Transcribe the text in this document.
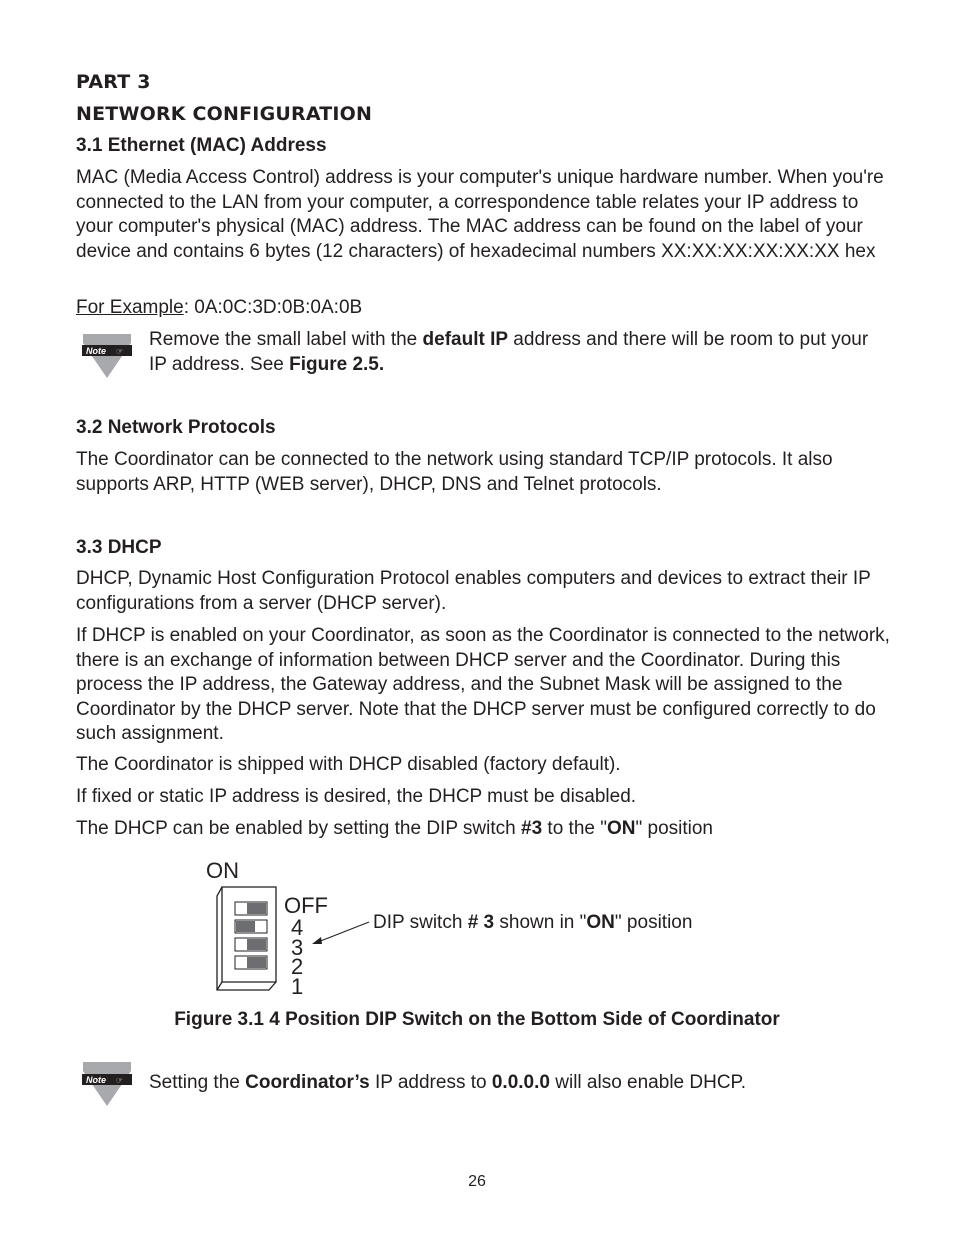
PART 3
NETWORK CONFIGURATION
3.1 Ethernet (MAC) Address
MAC (Media Access Control) address is your computer's unique hardware number. When you're connected to the LAN from your computer, a correspondence table relates your IP address to your computer's physical (MAC) address. The MAC address can be found on the label of your device and contains 6 bytes (12 characters) of hexadecimal numbers XX:XX:XX:XX:XX:XX hex
For Example: 0A:0C:3D:0B:0A:0B
Note ☞
Remove the small label with the default IP address and there will be room to put your IP address. See Figure 2.5.
3.2 Network Protocols
The Coordinator can be connected to the network using standard TCP/IP protocols. It also supports ARP, HTTP (WEB server), DHCP, DNS and Telnet protocols.
3.3 DHCP
DHCP, Dynamic Host Configuration Protocol enables computers and devices to extract their IP configurations from a server (DHCP server).
If DHCP is enabled on your Coordinator, as soon as the Coordinator is connected to the network, there is an exchange of information between DHCP server and the Coordinator. During this process the IP address, the Gateway address, and the Subnet Mask will be assigned to the Coordinator by the DHCP server. Note that the DHCP server must be configured correctly to do such assignment.
The Coordinator is shipped with DHCP disabled (factory default).
If fixed or static IP address is desired, the DHCP must be disabled.
The DHCP can be enabled by setting the DIP switch #3 to the "ON" position
ON
OFF
4
3
2
1
DIP switch # 3 shown in "ON" position
Figure 3.1 4 Position DIP Switch on the Bottom Side of Coordinator
Note ☞ Setting the Coordinator’s IP address to 0.0.0.0 will also enable DHCP.
26
